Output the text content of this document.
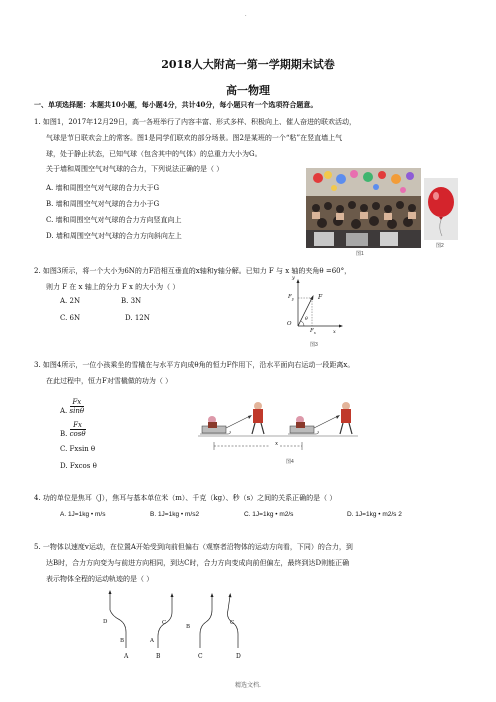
.
2018人大附高一第一学期期末试卷
高一物理
一、单项选择题：本题共10小题，每小题4分，共计40分，每小题只有一个选项符合题意。
1. 如图1，2017年12月29日，高一各班举行了内容丰富、形式多样、积极向上、催人奋进的联欢活动，
气球是节日联欢会上的常客。图1是同学们联欢的部分场景。图2是某班的一个“粘”在竖直墙上气
球，处于静止状态，已知气球（包含其中的气体）的总重力大小为G。
关于墙和周围空气对气球的合力，下列说法正确的是（ ）
A. 墙和周围空气对气球的合力大于G
B. 墙和周围空气对气球的合力小于G
C. 墙和周围空气对气球的合力方向竖直向上
D. 墙和周围空气对气球的合力方向斜向左上
图1
图2
2. 如图3所示，将一个大小为6N的力F沿相互垂直的x轴和y轴分解。已知力 F 与 x 轴的夹角θ =60°，
则力 F 在 x 轴上的分力 F x 的大小为（ ）
A. 2N	B. 3N
C. 6N	D. 12N
y
$F_y$	F
O
θ
$F_x$	x
图3
3. 如图4所示，一位小孩乘坐的雪橇在与水平方向成θ角的恒力F作用下，沿水平面向右运动一段距离x。
在此过程中，恒力F对雪橇做的功为（ ）
A. $\frac{Fx}{\sin\theta}$
B. $\frac{Fx}{\cos\theta}$
C. Fxsin θ
D. Fxcos θ
x
图4
4. 功的单位是焦耳（J），焦耳与基本单位米（m）、千克（kg）、秒（s）之间的关系正确的是（ ）
A. 1J=1kg • m/s	B. 1J=1kg • m/s2	C. 1J=1kg • m2/s	D. 1J=1kg • m2/s 2
5. 一物体以速度v运动，在位置A开始受到向前但偏右（观察者沿物体的运动方向看，下同）的合力，到
达B时，合力方向变为与前进方向相同，到达C时，合力方向变成向前但偏左，最终到达D则能正确
表示物体全程的运动轨迹的是（ ）
D
B
C
A
B
C
A	B	C	D
精选文档.
